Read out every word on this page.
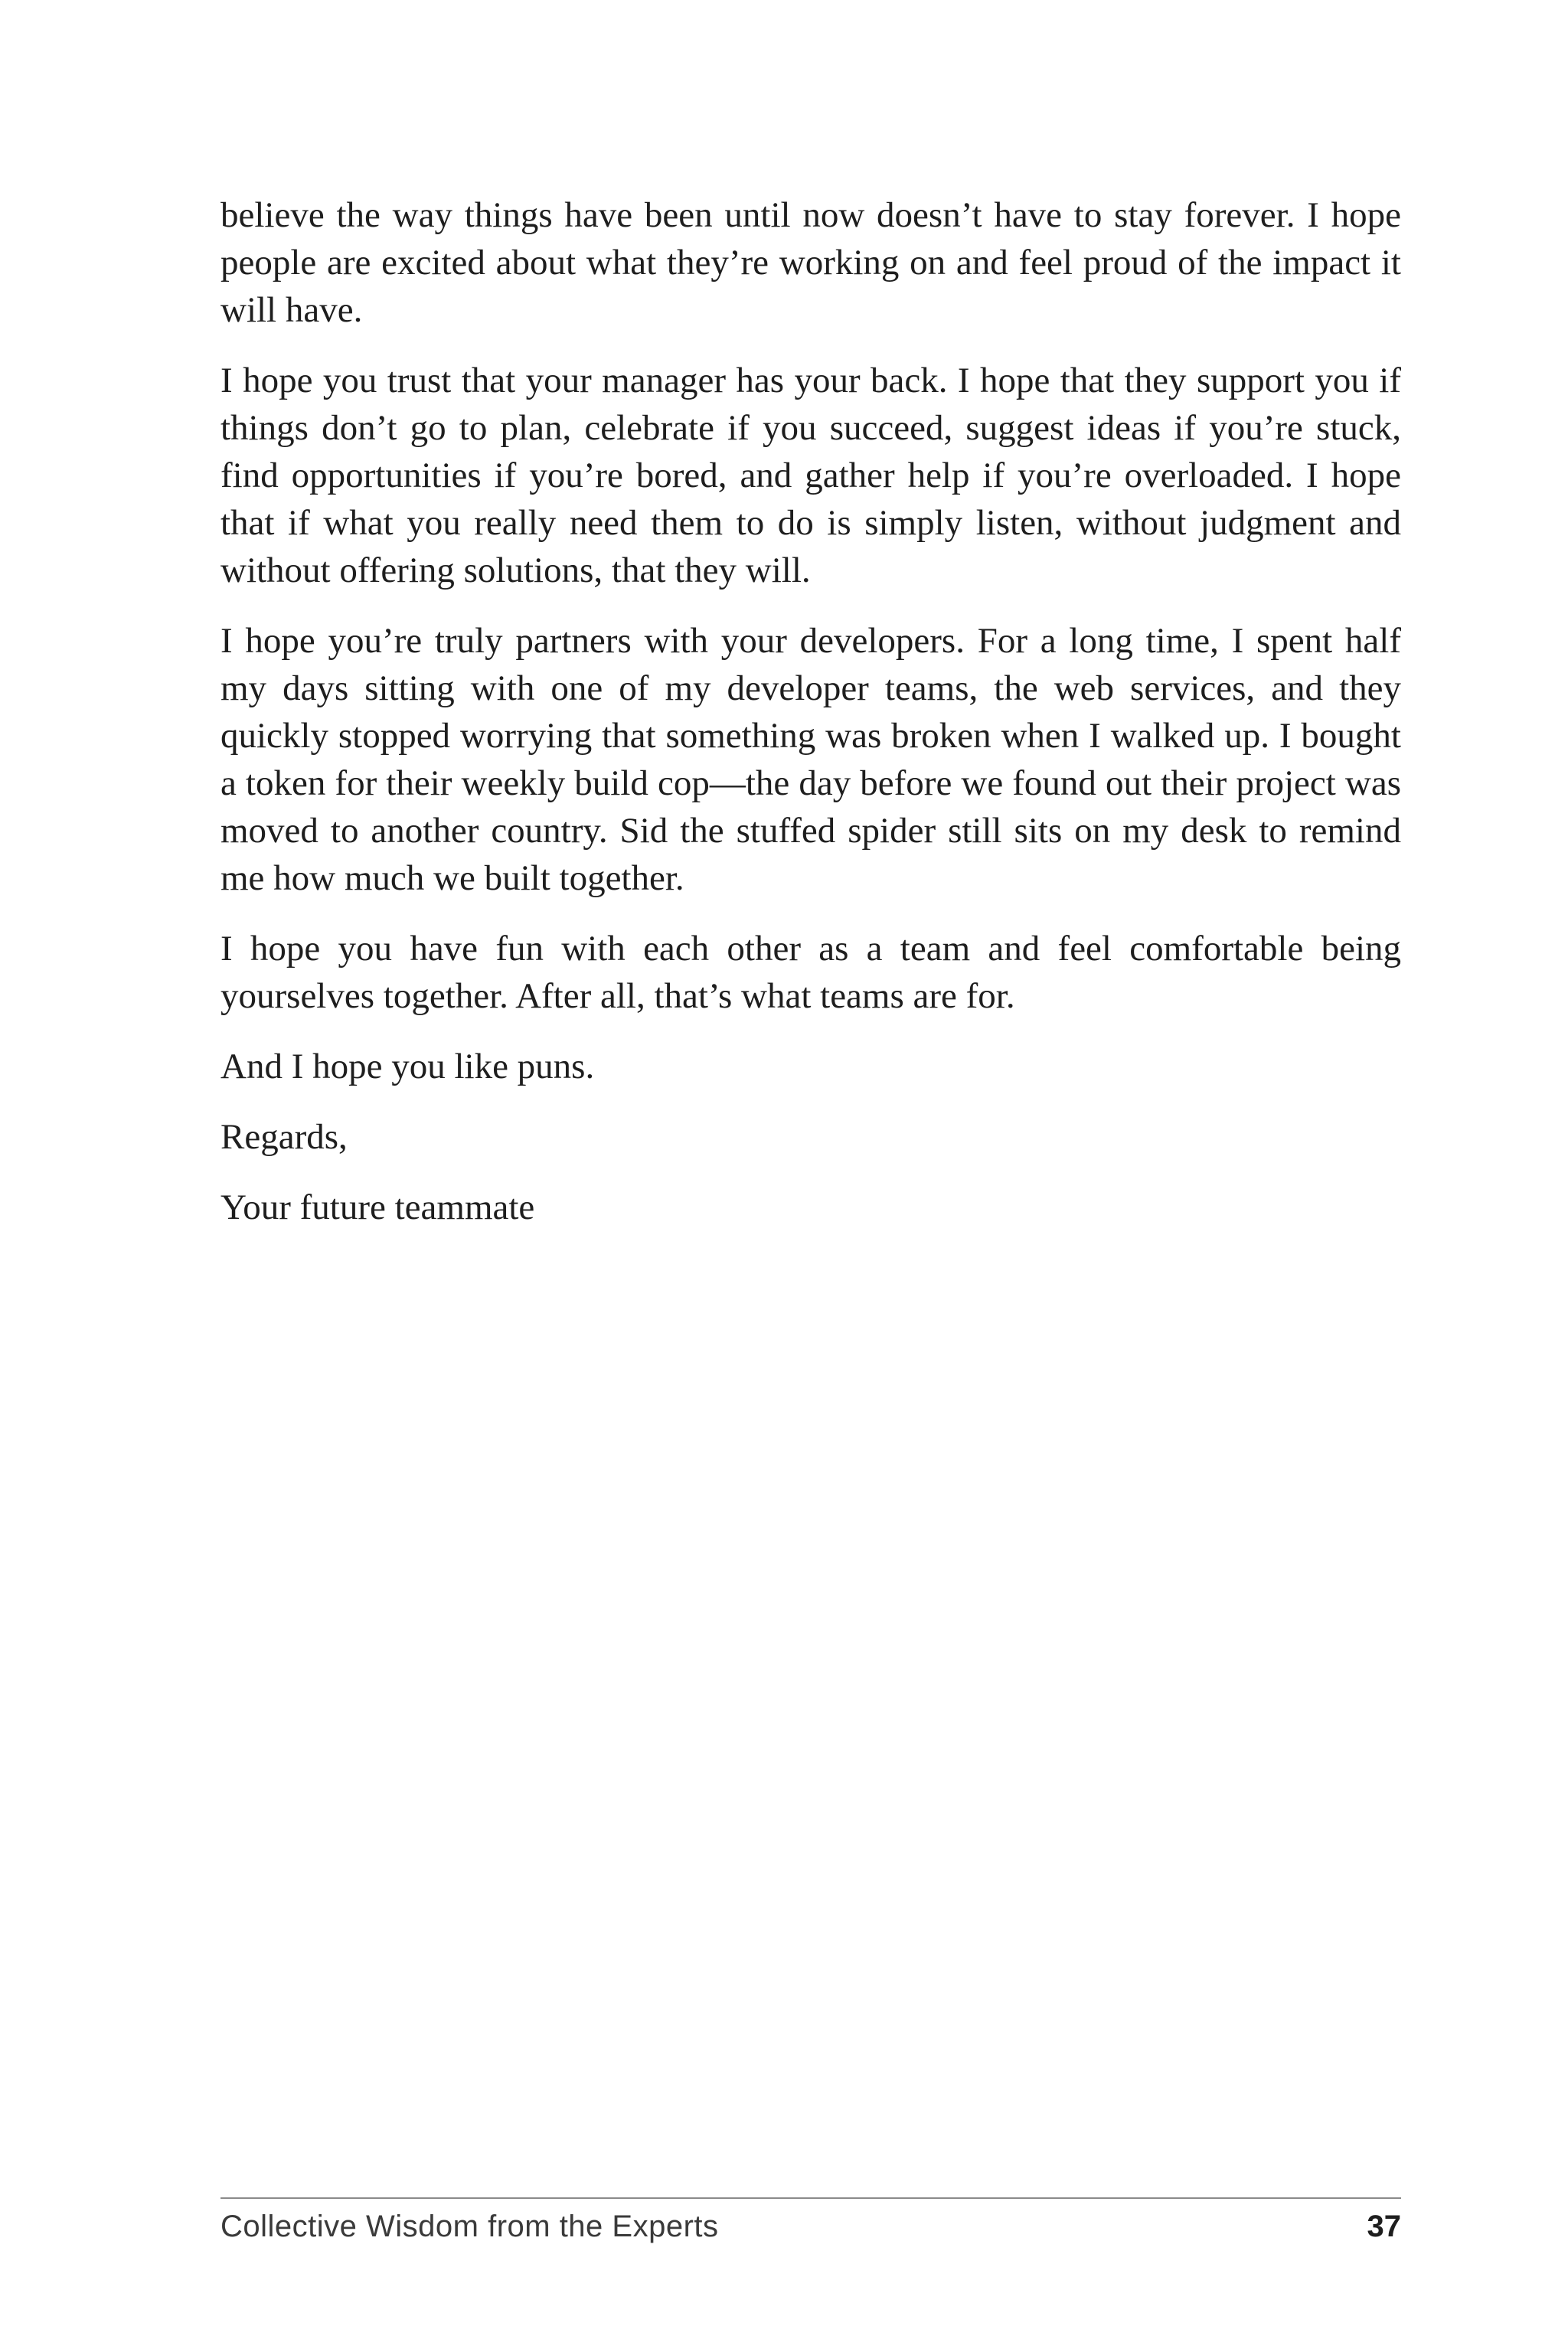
believe the way things have been until now doesn’t have to stay forever. I hope people are excited about what they’re working on and feel proud of the impact it will have.

I hope you trust that your manager has your back. I hope that they support you if things don’t go to plan, celebrate if you succeed, suggest ideas if you’re stuck, find opportunities if you’re bored, and gather help if you’re overloaded. I hope that if what you really need them to do is simply listen, without judgment and without offering solutions, that they will.

I hope you’re truly partners with your developers. For a long time, I spent half my days sitting with one of my developer teams, the web services, and they quickly stopped worrying that something was broken when I walked up. I bought a token for their weekly build cop—the day before we found out their project was moved to another country. Sid the stuffed spider still sits on my desk to remind me how much we built together.

I hope you have fun with each other as a team and feel comfortable being yourselves together. After all, that’s what teams are for.

And I hope you like puns.

Regards,

Your future teammate

Collective Wisdom from the Experts	37
